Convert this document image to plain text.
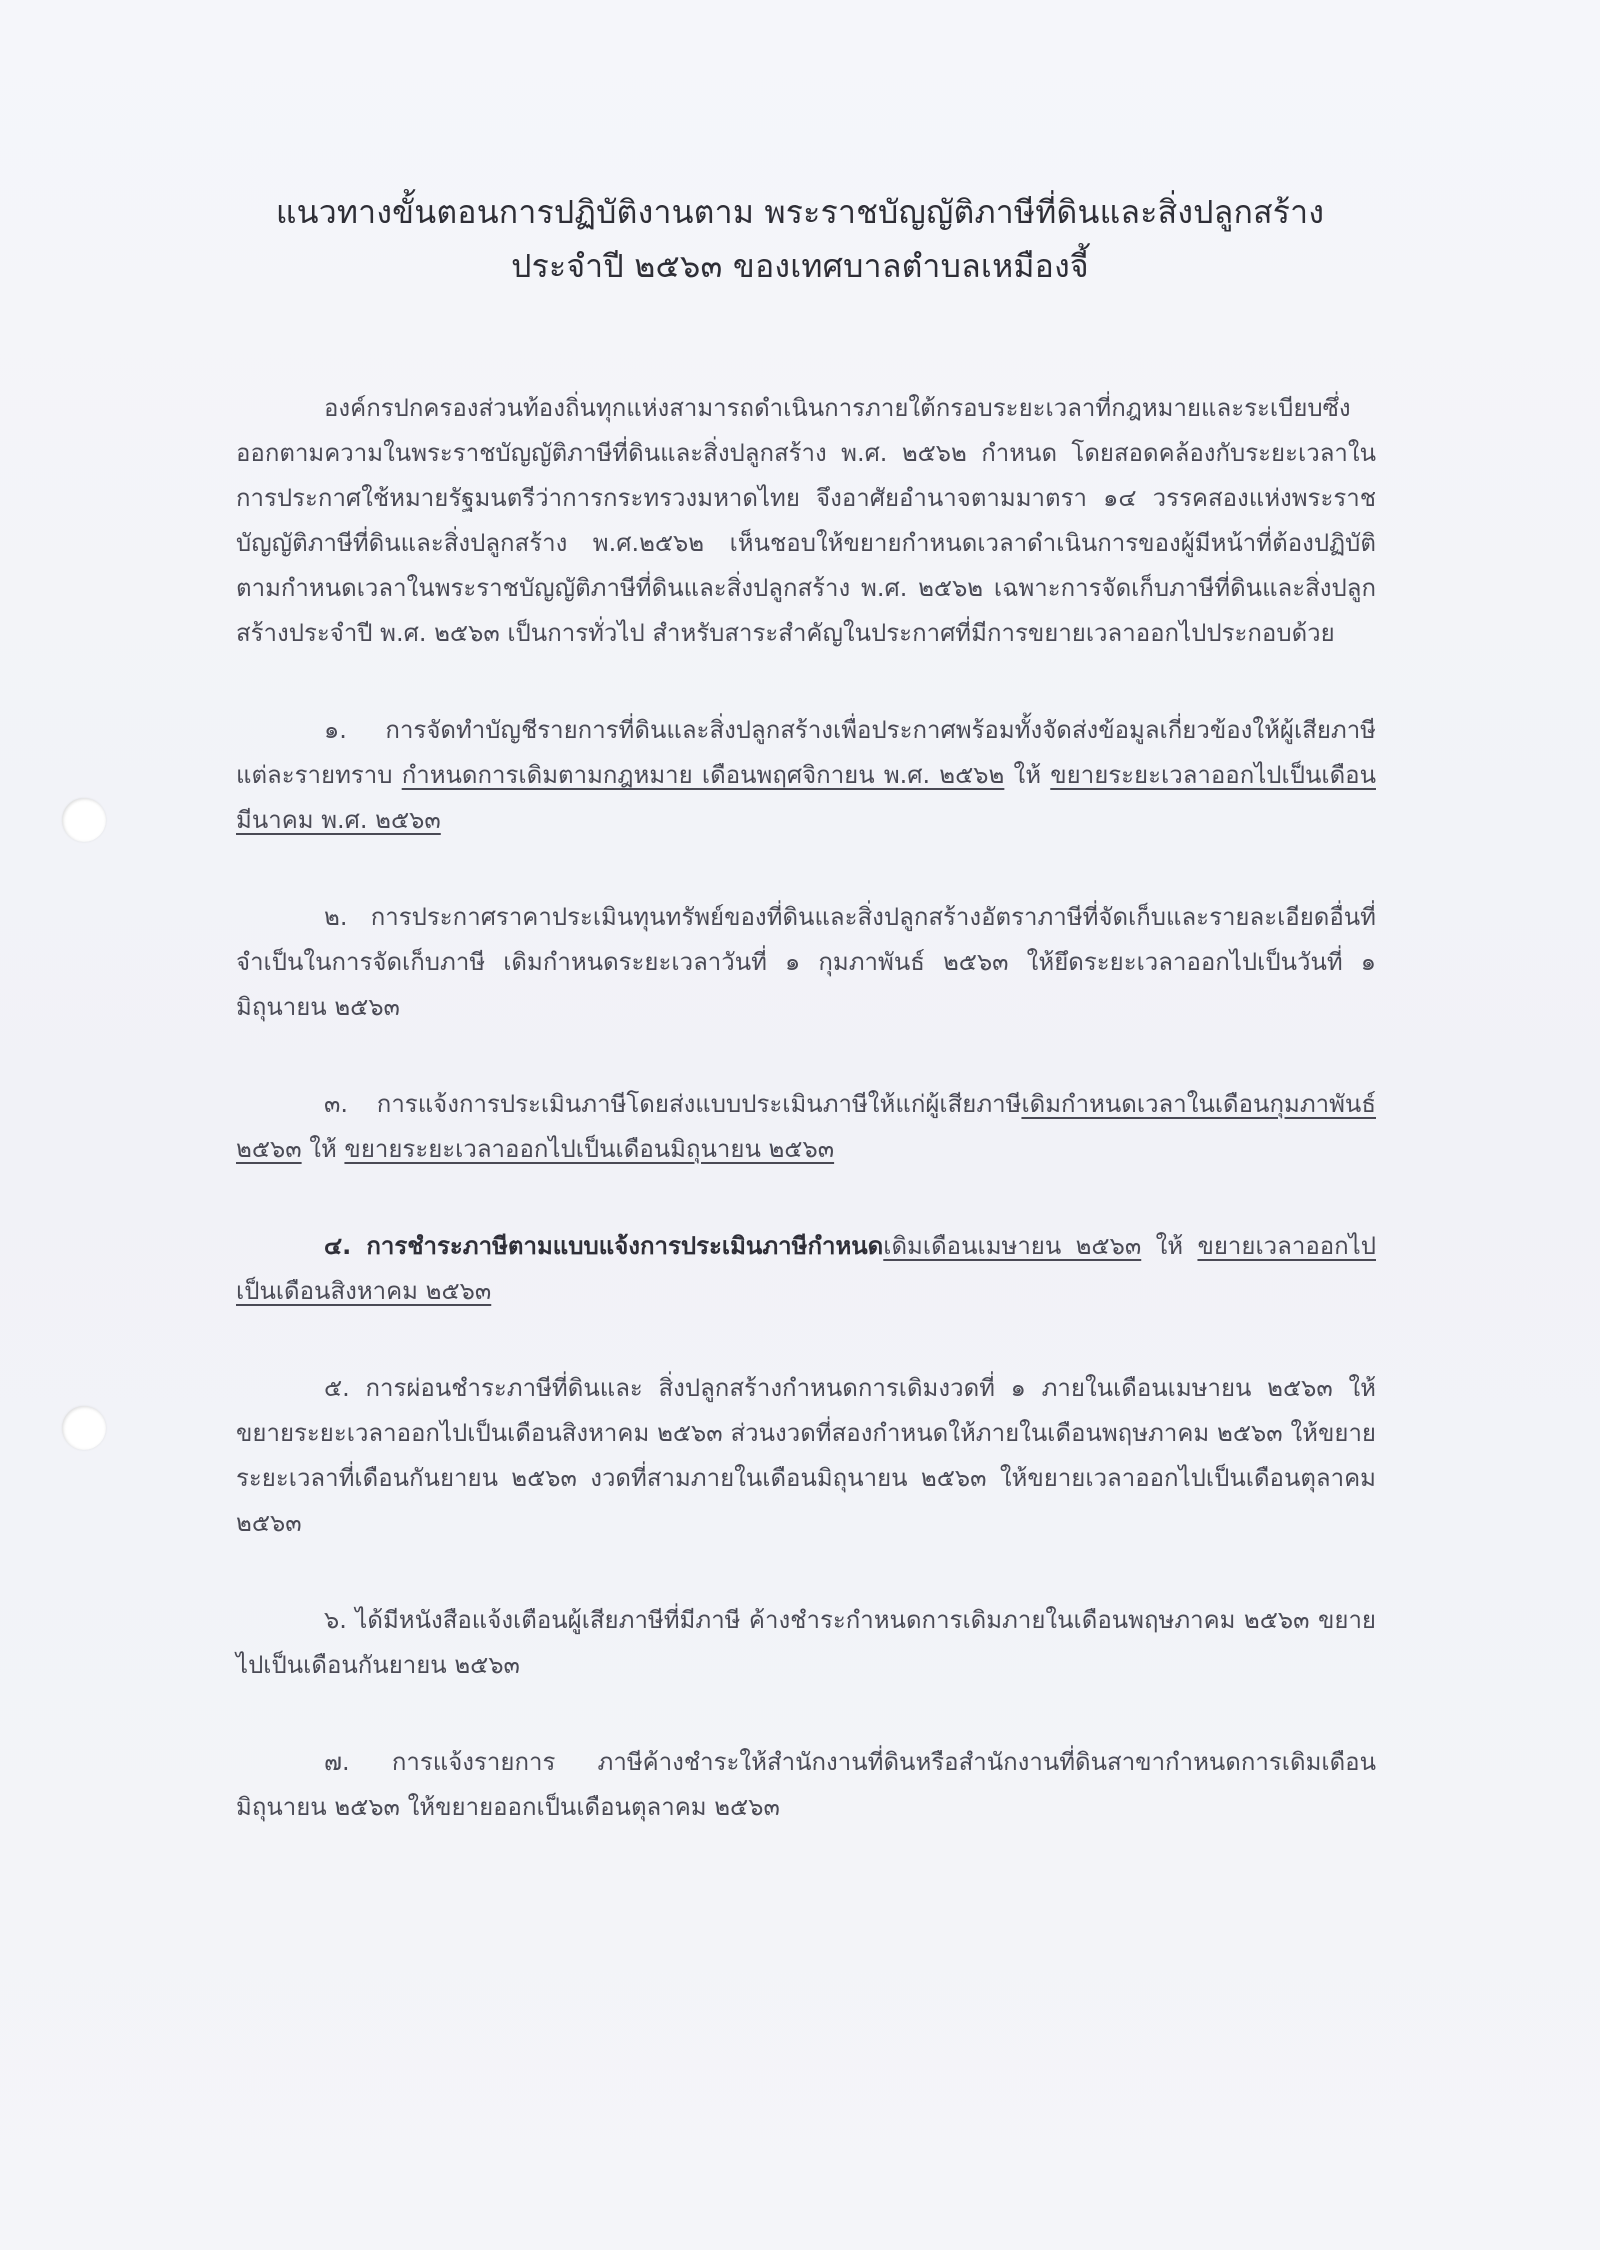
แนวทางขั้นตอนการปฏิบัติงานตาม พระราชบัญญัติภาษีที่ดินและสิ่งปลูกสร้าง
ประจำปี ๒๕๖๓ ของเทศบาลตำบลเหมืองจี้

องค์กรปกครองส่วนท้องถิ่นทุกแห่งสามารถดำเนินการภายใต้กรอบระยะเวลาที่กฎหมายและระเบียบซึ่งออกตามความในพระราชบัญญัติภาษีที่ดินและสิ่งปลูกสร้าง พ.ศ. ๒๕๖๒ กำหนด โดยสอดคล้องกับระยะเวลาในการประกาศใช้หมายรัฐมนตรีว่าการกระทรวงมหาดไทย จึงอาศัยอำนาจตามมาตรา ๑๔ วรรคสองแห่งพระราชบัญญัติภาษีที่ดินและสิ่งปลูกสร้าง พ.ศ.๒๕๖๒ เห็นชอบให้ขยายกำหนดเวลาดำเนินการของผู้มีหน้าที่ต้องปฏิบัติตามกำหนดเวลาในพระราชบัญญัติภาษีที่ดินและสิ่งปลูกสร้าง พ.ศ. ๒๕๖๒ เฉพาะการจัดเก็บภาษีที่ดินและสิ่งปลูกสร้างประจำปี พ.ศ. ๒๕๖๓ เป็นการทั่วไป สำหรับสาระสำคัญในประกาศที่มีการขยายเวลาออกไปประกอบด้วย

๑. การจัดทำบัญชีรายการที่ดินและสิ่งปลูกสร้างเพื่อประกาศพร้อมทั้งจัดส่งข้อมูลเกี่ยวข้องให้ผู้เสียภาษีแต่ละรายทราบ กำหนดการเดิมตามกฎหมาย เดือนพฤศจิกายน พ.ศ. ๒๕๖๒ ให้ ขยายระยะเวลาออกไปเป็นเดือนมีนาคม พ.ศ. ๒๕๖๓

๒. การประกาศราคาประเมินทุนทรัพย์ของที่ดินและสิ่งปลูกสร้างอัตราภาษีที่จัดเก็บและรายละเอียดอื่นที่จำเป็นในการจัดเก็บภาษี เดิมกำหนดระยะเวลาวันที่ ๑ กุมภาพันธ์ ๒๕๖๓ ให้ยึดระยะเวลาออกไปเป็นวันที่ ๑ มิถุนายน ๒๕๖๓

๓. การแจ้งการประเมินภาษีโดยส่งแบบประเมินภาษีให้แก่ผู้เสียภาษีเดิมกำหนดเวลาในเดือนกุมภาพันธ์ ๒๕๖๓ ให้ ขยายระยะเวลาออกไปเป็นเดือนมิถุนายน ๒๕๖๓

๔. การชำระภาษีตามแบบแจ้งการประเมินภาษีกำหนดเดิมเดือนเมษายน ๒๕๖๓ ให้ ขยายเวลาออกไปเป็นเดือนสิงหาคม ๒๕๖๓

๕. การผ่อนชำระภาษีที่ดินและ สิ่งปลูกสร้างกำหนดการเดิมงวดที่ ๑ ภายในเดือนเมษายน ๒๕๖๓ ให้ขยายระยะเวลาออกไปเป็นเดือนสิงหาคม ๒๕๖๓ ส่วนงวดที่สองกำหนดให้ภายในเดือนพฤษภาคม ๒๕๖๓ ให้ขยายระยะเวลาที่เดือนกันยายน ๒๕๖๓ งวดที่สามภายในเดือนมิถุนายน ๒๕๖๓ ให้ขยายเวลาออกไปเป็นเดือนตุลาคม ๒๕๖๓

๖. ได้มีหนังสือแจ้งเตือนผู้เสียภาษีที่มีภาษี ค้างชำระกำหนดการเดิมภายในเดือนพฤษภาคม ๒๕๖๓ ขยายไปเป็นเดือนกันยายน ๒๕๖๓

๗. การแจ้งรายการ ภาษีค้างชำระให้สำนักงานที่ดินหรือสำนักงานที่ดินสาขากำหนดการเดิมเดือนมิถุนายน ๒๕๖๓ ให้ขยายออกเป็นเดือนตุลาคม ๒๕๖๓
